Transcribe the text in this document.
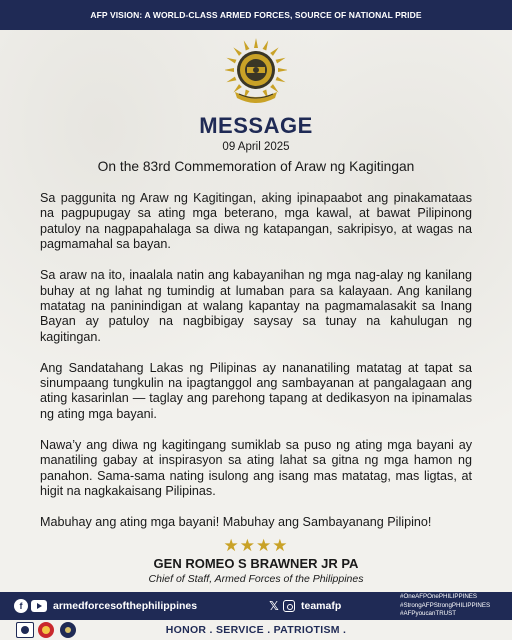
AFP VISION: A WORLD-CLASS ARMED FORCES, SOURCE OF NATIONAL PRIDE
MESSAGE
09 April 2025
On the 83rd Commemoration of Araw ng Kagitingan

Sa paggunita ng Araw ng Kagitingan, aking ipinapaabot ang pinakamataas na pagpupugay sa ating mga beterano, mga kawal, at bawat Pilipinong patuloy na nagpapahalaga sa diwa ng katapangan, sakripisyo, at wagas na pagmamahal sa bayan.

Sa araw na ito, inaalala natin ang kabayanihan ng mga nag-alay ng kanilang buhay at ng lahat ng tumindig at lumaban para sa kalayaan. Ang kanilang matatag na paninindigan at walang kapantay na pagmamalasakit sa Inang Bayan ay patuloy na nagbibigay saysay sa tunay na kahulugan ng kagitingan.

Ang Sandatahang Lakas ng Pilipinas ay nananatiling matatag at tapat sa sinumpaang tungkulin na ipagtanggol ang sambayanan at pangalagaan ang ating kasarinlan — taglay ang parehong tapang at dedikasyon na ipinamalas ng ating mga bayani.

Nawa’y ang diwa ng kagitingang sumiklab sa puso ng ating mga bayani ay manatiling gabay at inspirasyon sa ating lahat sa gitna ng mga hamon ng panahon. Sama-sama nating isulong ang isang mas matatag, mas ligtas, at higit na nagkakaisang Pilipinas.

Mabuhay ang ating mga bayani! Mabuhay ang Sambayanang Pilipino!

★★★★
GEN ROMEO S BRAWNER JR PA
Chief of Staff, Armed Forces of the Philippines
f	armedforcesofthephilippines	𝕏 teamafp
#OneAFPOnePHILIPPINES
#StrongAFPStrongPHILIPPINES
#AFPyoucanTRUST
HONOR . SERVICE . PATRIOTISM .
